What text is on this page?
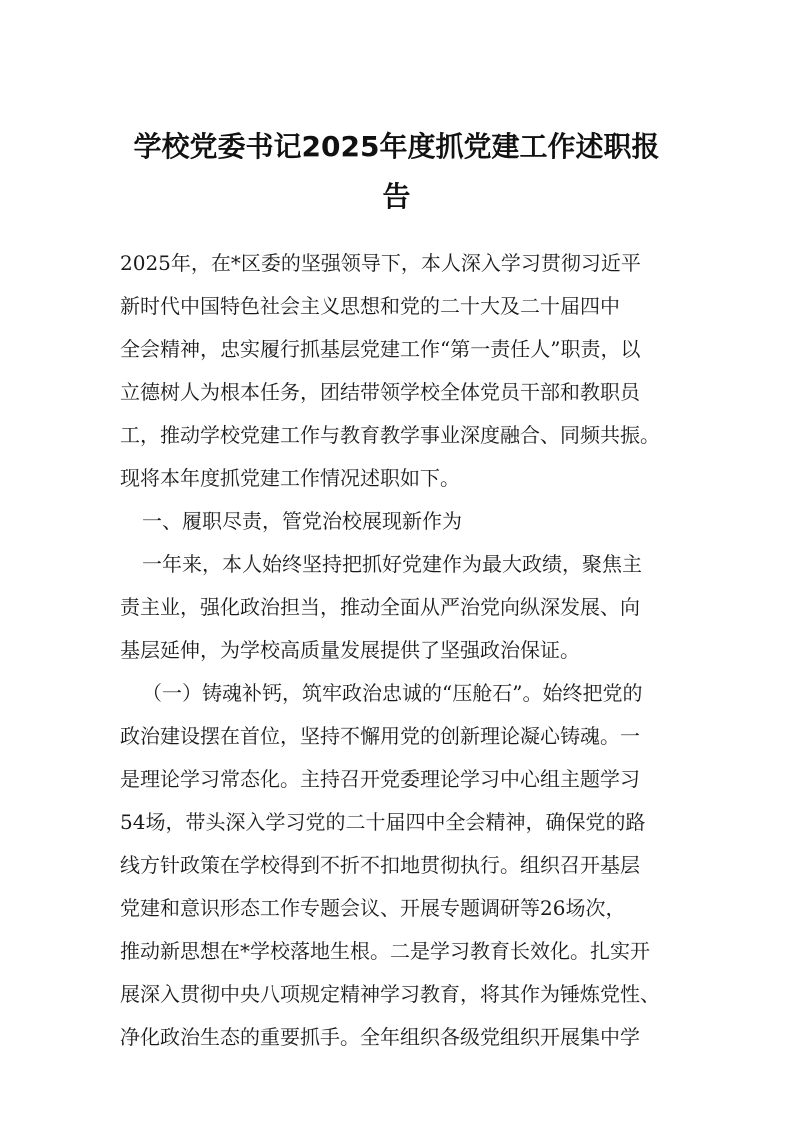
学校党委书记2025年度抓党建工作述职报
告
2025年，在*区委的坚强领导下，本人深入学习贯彻习近平
新时代中国特色社会主义思想和党的二十大及二十届四中
全会精神，忠实履行抓基层党建工作“第一责任人”职责，以
立德树人为根本任务，团结带领学校全体党员干部和教职员
工，推动学校党建工作与教育教学事业深度融合、同频共振。
现将本年度抓党建工作情况述职如下。
一、履职尽责，管党治校展现新作为
一年来，本人始终坚持把抓好党建作为最大政绩，聚焦主
责主业，强化政治担当，推动全面从严治党向纵深发展、向
基层延伸，为学校高质量发展提供了坚强政治保证。
（一）铸魂补钙，筑牢政治忠诚的“压舱石”。始终把党的
政治建设摆在首位，坚持不懈用党的创新理论凝心铸魂。一
是理论学习常态化。主持召开党委理论学习中心组主题学习
54场，带头深入学习党的二十届四中全会精神，确保党的路
线方针政策在学校得到不折不扣地贯彻执行。组织召开基层
党建和意识形态工作专题会议、开展专题调研等26场次，
推动新思想在*学校落地生根。二是学习教育长效化。扎实开
展深入贯彻中央八项规定精神学习教育，将其作为锤炼党性、
净化政治生态的重要抓手。全年组织各级党组织开展集中学
